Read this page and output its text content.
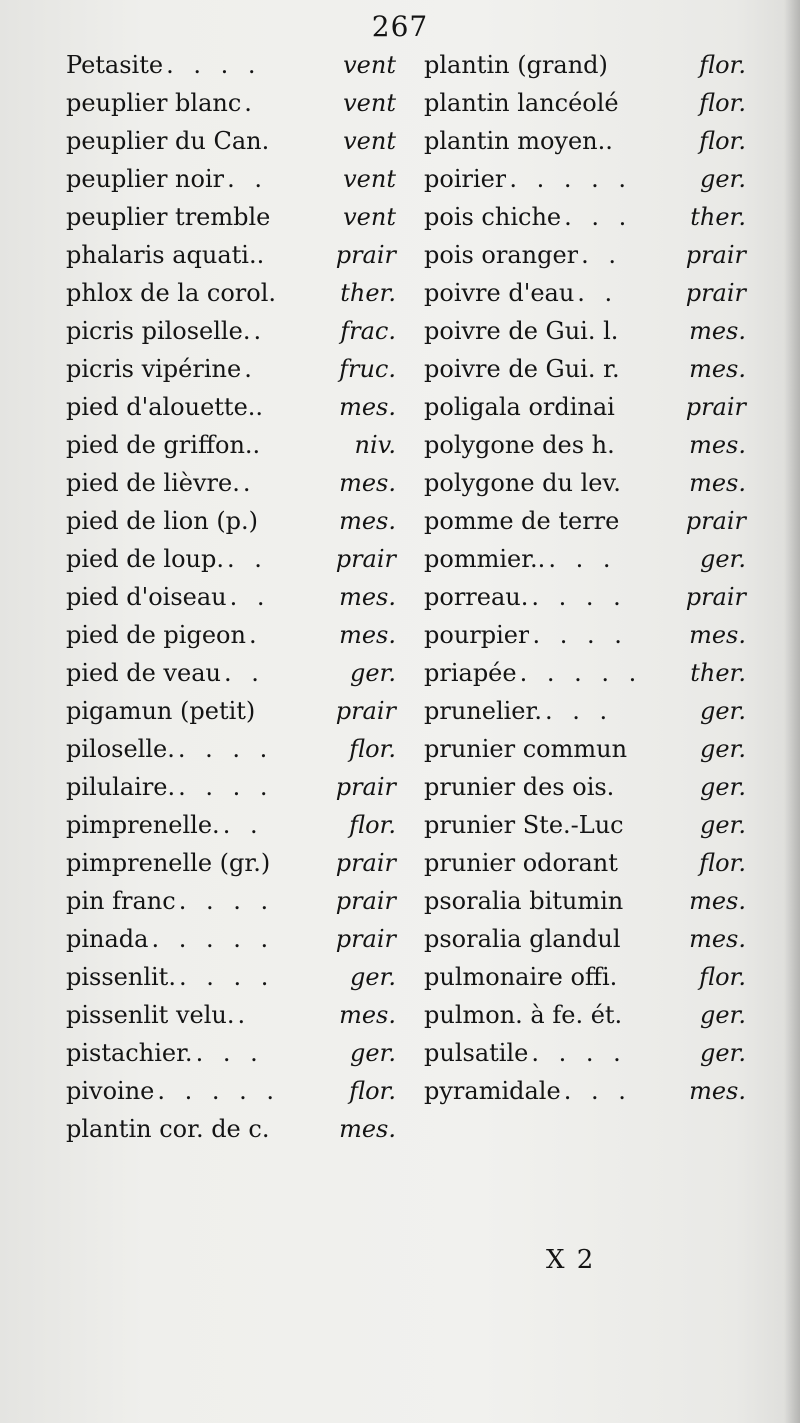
267
Petasite . . . .	vent
peuplier blanc .	vent
peuplier du Can.	vent
peuplier noir . .	vent
peuplier tremble	vent
phalaris aquati..	prair
phlox de la corol.	ther.
picris piloselle. .	frac.
picris vipérine .	fruc.
pied d'alouette..	mes.
pied de griffon..	niv.
pied de lièvre. .	mes.
pied de lion (p.)	mes.
pied de loup. . .	prair
pied d'oiseau . .	mes.
pied de pigeon .	mes.
pied de veau . .	ger.
pigamun (petit)	prair
piloselle. . . . .	flor.
pilulaire. . . . .	prair
pimprenelle. . .	flor.
pimprenelle (gr.)	prair
pin franc . . . .	prair
pinada . . . . .	prair
pissenlit. . . . .	ger.
pissenlit velu. .	mes.
pistachier. . . .	ger.
pivoine . . . . .	flor.
plantin cor. de c.	mes.
plantin (grand)	flor.
plantin lancéolé	flor.
plantin moyen..	flor.
poirier . . . . .	ger.
pois chiche . . .	ther.
pois oranger . .	prair
poivre d'eau . .	prair
poivre de Gui. l.	mes.
poivre de Gui. r.	mes.
poligala ordinai	prair
polygone des h.	mes.
polygone du lev.	mes.
pomme de terre	prair
pommier.. . . .	ger.
porreau. . . . .	prair
pourpier . . . .	mes.
priapée . . . . .	ther.
prunelier. . . .	ger.
prunier commun	ger.
prunier des ois.	ger.
prunier Ste.-Luc	ger.
prunier odorant	flor.
psoralia bitumin	mes.
psoralia glandul	mes.
pulmonaire offi.	flor.
pulmon. à fe. ét.	ger.
pulsatile . . . .	ger.
pyramidale . . .	mes.
X 2
